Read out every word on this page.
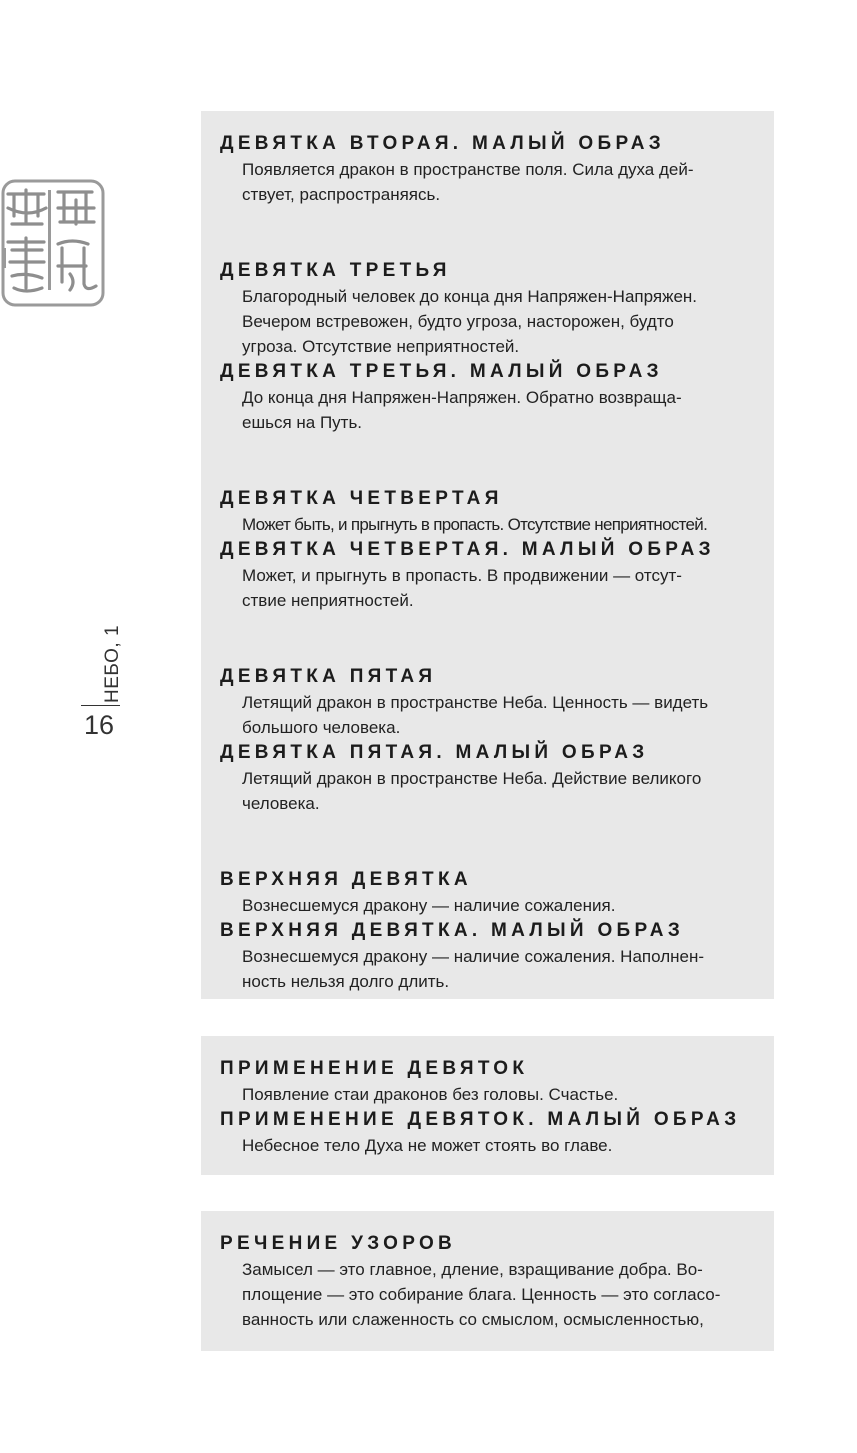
НЕБО, 1
16

ДЕВЯТКА ВТОРАЯ. МАЛЫЙ ОБРАЗ

Появляется дракон в пространстве поля. Сила духа дей-

ствует, распространяясь.

ДЕВЯТКА ТРЕТЬЯ

Благородный человек до конца дня Напряжен-Напряжен.

Вечером встревожен, будто угроза, насторожен, будто

угроза. Отсутствие неприятностей.

ДЕВЯТКА ТРЕТЬЯ. МАЛЫЙ ОБРАЗ

До конца дня Напряжен-Напряжен. Обратно возвраща-

ешься на Путь.

ДЕВЯТКА ЧЕТВЕРТАЯ

Может быть, и прыгнуть в пропасть. Отсутствие неприятностей.

ДЕВЯТКА ЧЕТВЕРТАЯ. МАЛЫЙ ОБРАЗ

Может, и прыгнуть в пропасть. В продвижении — отсут-

ствие неприятностей.

ДЕВЯТКА ПЯТАЯ

Летящий дракон в пространстве Неба. Ценность — видеть

большого человека.

ДЕВЯТКА ПЯТАЯ. МАЛЫЙ ОБРАЗ

Летящий дракон в пространстве Неба. Действие великого

человека.

ВЕРХНЯЯ ДЕВЯТКА

Вознесшемуся дракону — наличие сожаления.

ВЕРХНЯЯ ДЕВЯТКА. МАЛЫЙ ОБРАЗ

Вознесшемуся дракону — наличие сожаления. Наполнен-

ность нельзя долго длить.

ПРИМЕНЕНИЕ ДЕВЯТОК

Появление стаи драконов без головы. Счастье.

ПРИМЕНЕНИЕ ДЕВЯТОК. МАЛЫЙ ОБРАЗ

Небесное тело Духа не может стоять во главе.

РЕЧЕНИЕ УЗОРОВ

Замысел — это главное, дление, взращивание добра. Во-

площение — это собирание блага. Ценность — это согласо-

ванность или слаженность со смыслом, осмысленностью,
